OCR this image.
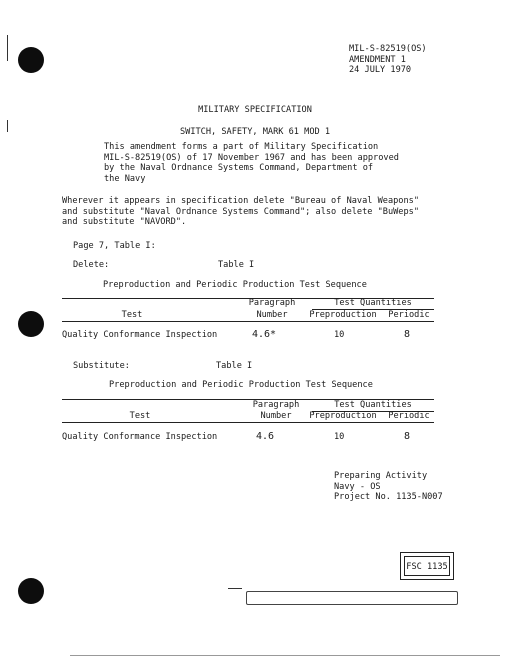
MIL-S-82519(OS)
AMENDMENT 1
24 JULY 1970
MILITARY SPECIFICATION
SWITCH, SAFETY, MARK 61 MOD 1
This amendment forms a part of Military Specification
MIL-S-82519(OS) of 17 November 1967 and has been approved
by the Naval Ordnance Systems Command, Department of
the Navy
Wherever it appears in specification delete "Bureau of Naval Weapons"
and substitute "Naval Ordnance Systems Command"; also delete "BuWeps"
and substitute "NAVORD".
Page 7, Table I:
Delete:	Table I
Preproduction and Periodic Production Test Sequence
Paragraph	Test Quantities
Test	Number	Preproduction	Periodic
Quality Conformance Inspection	4.6*	10	8
Substitute:	Table I
Preproduction and Periodic Production Test Sequence
Paragraph	Test Quantities
Test	Number	Preproduction	Periodic
Quality Conformance Inspection	4.6	10	8
Preparing Activity
Navy - OS
Project No. 1135-N007
FSC 1135
